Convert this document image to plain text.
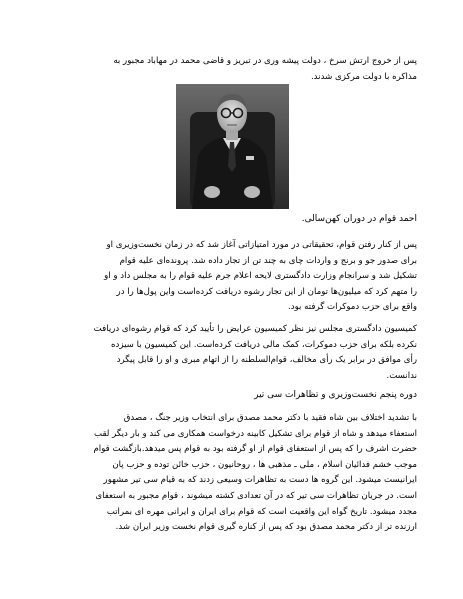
پس از خروج ارتش سرخ ، دولت پیشه وری در تبریز و قاضی محمد در مهاباد مجبور به
مذاکره با دولت مرکزی شدند.

احمد قوام در دوران کهن‌سالی.

پس از کنار رفتن قوام، تحقیقاتی در مورد امتیازاتی آغاز شد که در زمان نخست‌وزیری او
برای صدور جو و برنج و واردات چای به چند تن از تجار داده شد. پرونده‌ای علیه قوام
تشکیل شد و سرانجام وزارت دادگستری لایحه اعلام جرم علیه قوام را به مجلس داد و او
را متهم کرد که میلیون‌ها تومان از این تجار رشوه دریافت کرده‌است واین پول‌ها را در
واقع برای حزب دموکرات گرفته بود.

کمیسیون دادگستری مجلس نیز نظر کمیسیون عرایض را تأیید کرد که قوام رشوه‌ای دریافت
نکرده بلکه برای حزب دموکرات، کمک مالی دریافت کرده‌است. این کمیسیون با سیزده
رأی موافق در برابر یک رأی مخالف، قوام‌السلطنه را از اتهام مبری و او را قابل پیگرد
ندانست.

دوره پنجم نخست‌وزیری و تظاهرات سی تیر

با تشدید اختلاف بین شاه فقید با دکتر محمد مصدق برای انتخاب وزیر جنگ ، مصدق
استعفاء میدهد و شاه از قوام برای تشکیل کابینه درخواست همکاری می کند و بار دیگر لقب
حضرت اشرف را که پس از استعفای قوام از او گرفته بود به قوام پس میدهد.بازگشت قوام
موجب خشم فدائیان اسلام ، ملی ـ مذهبی ها ، روحانیون ، حزب خائن توده و حزب پان
ایرانیست میشود. این گروه ها دست به تظاهرات وسیعی زدند که به قیام سی تیر مشهور
است. در جریان تظاهرات سی تیر که در آن تعدادی کشته میشوند ، قوام مجبور به استعفای
مجدد میشود. تاریخ گواه این واقعیت است که قوام برای ایران و ایرانی مهره ای بمراتب
ارزنده تر از دکتر محمد مصدق بود که پس از کناره گیری قوام نخست وزیر ایران شد.
